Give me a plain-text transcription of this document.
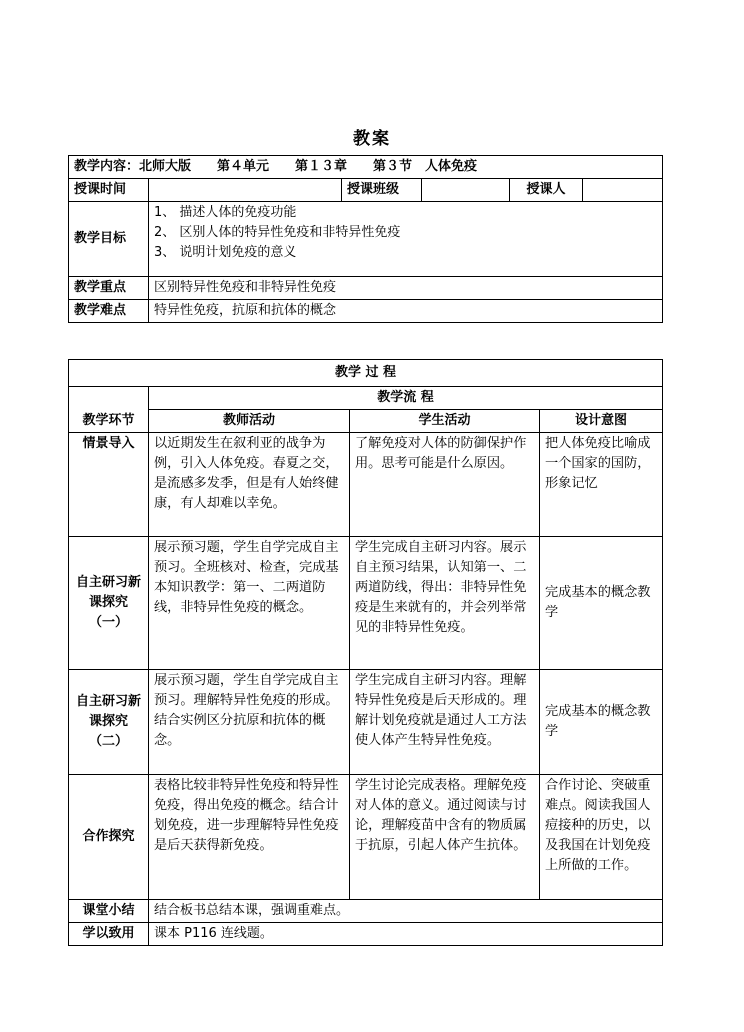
教案
教学内容：北师大版　　第４单元　　第１３章　　第３节　人体免疫					
授课时间		授课班级		授课人	
教学目标	1、 描述人体的免疫功能
2、 区别人体的特异性免疫和非特异性免疫
3、 说明计划免疫的意义				

教学重点	区别特异性免疫和非特异性免疫				
教学难点	特异性免疫，抗原和抗体的概念				
教学 过 程			
	教学流 程		
教学环节	教师活动	学生活动	设计意图
情景导入	以近期发生在叙利亚的战争为例，引入人体免疫。春夏之交，是流感多发季，但是有人始终健康，有人却难以幸免。	了解免疫对人体的防御保护作用。思考可能是什么原因。	把人体免疫比喻成一个国家的国防，形象记忆
自主研习新课探究（一）	展示预习题，学生自学完成自主预习。全班核对、检查，完成基本知识教学：第一、二两道防线，非特异性免疫的概念。	学生完成自主研习内容。展示自主预习结果，认知第一、二两道防线，得出：非特异性免疫是生来就有的，并会列举常见的非特异性免疫。	完成基本的概念教学
自主研习新课探究（二）	展示预习题，学生自学完成自主预习。理解特异性免疫的形成。结合实例区分抗原和抗体的概念。	学生完成自主研习内容。理解特异性免疫是后天形成的。理解计划免疫就是通过人工方法使人体产生特异性免疫。	完成基本的概念教学
合作探究	表格比较非特异性免疫和特异性免疫，得出免疫的概念。结合计划免疫，进一步理解特异性免疫是后天获得新免疫。	学生讨论完成表格。理解免疫对人体的意义。通过阅读与讨论，理解疫苗中含有的物质属于抗原，引起人体产生抗体。	合作讨论、突破重难点。阅读我国人痘接种的历史，以及我国在计划免疫上所做的工作。
课堂小结	结合板书总结本课，强调重难点。		
学以致用	课本 P116 连线题。		
